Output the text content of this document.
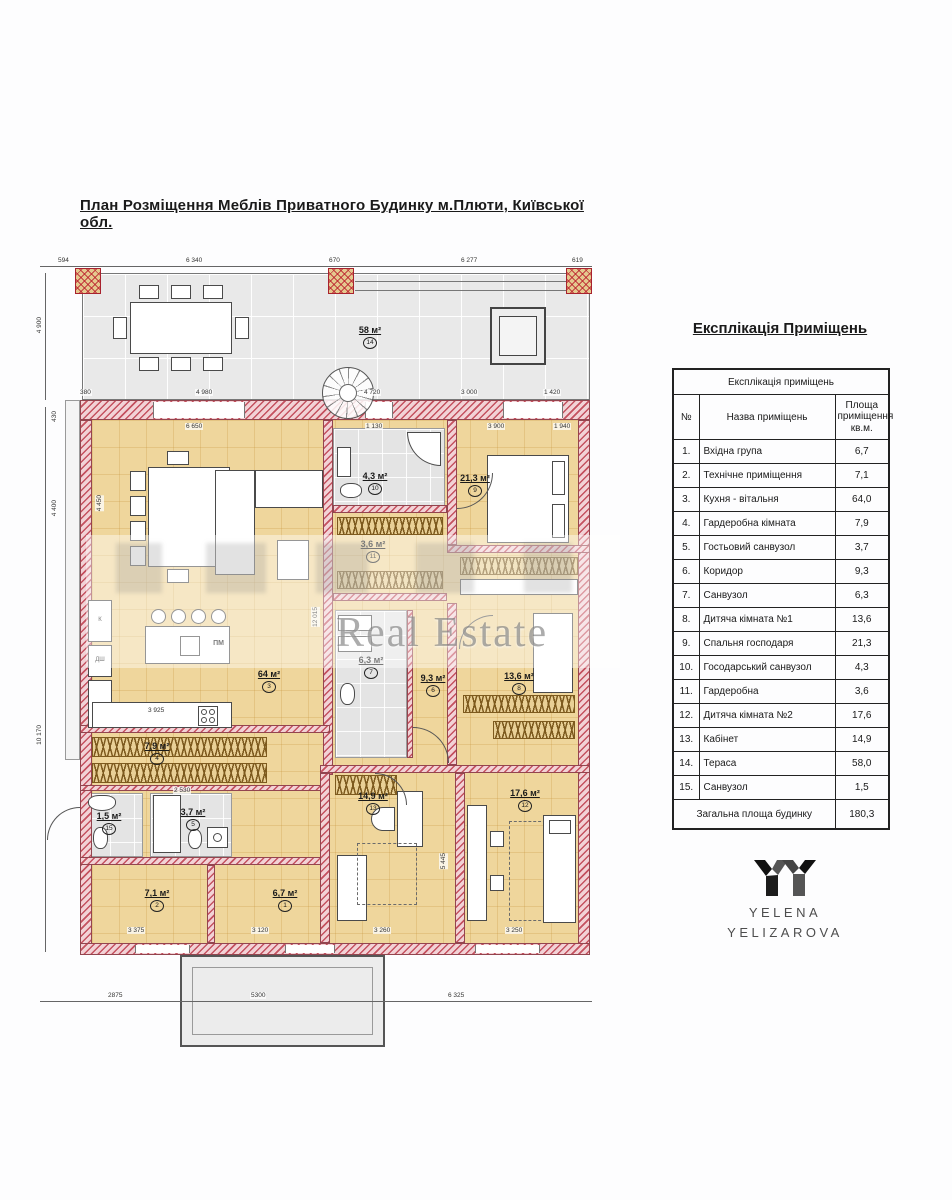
План Розміщення Меблів Приватного Будинку м.Плюти, Київської обл.
594	6 340	670	6 277	619
4 900
430
4 400
10 170
58 м²
14
380	4 980	4 720	3 000	1 420
К
ДШ
ПМ
64 м²
3
7,9 м²
4
1,5 м²
15
3,7 м²
5
7,1 м²
2
6,7 м²
1
4,3 м²
10
3,6 м²
11
6,3 м²
7
9,3 м²
6
21,3 м²
9
13,6 м²
8
14,9 м²
13
17,6 м²
12
6 650	1 130	3 900	1 940
4 450
12 015
3 925
2 530
3 375	3 120	3 260	3 250
5 445
2875	5300	6 325
Real Estate
Експлікація Приміщень
Експлікація приміщень		
№	Назва приміщень	Площа приміщення кв.м.
1.	Вхідна група	6,7
2.	Технічне приміщення	7,1
3.	Кухня - вітальня	64,0
4.	Гардеробна кімната	7,9
5.	Гостьовий санвузол	3,7
6.	Коридор	9,3
7.	Санвузол	6,3
8.	Дитяча кімната №1	13,6
9.	Спальня господаря	21,3
10.	Госодарський санвузол	4,3
11.	Гардеробна	3,6
12.	Дитяча кімната №2	17,6
13.	Кабінет	14,9
14.	Тераса	58,0
15.	Санвузол	1,5
Загальна площа будинку		180,3
YELENA
YELIZAROVA
